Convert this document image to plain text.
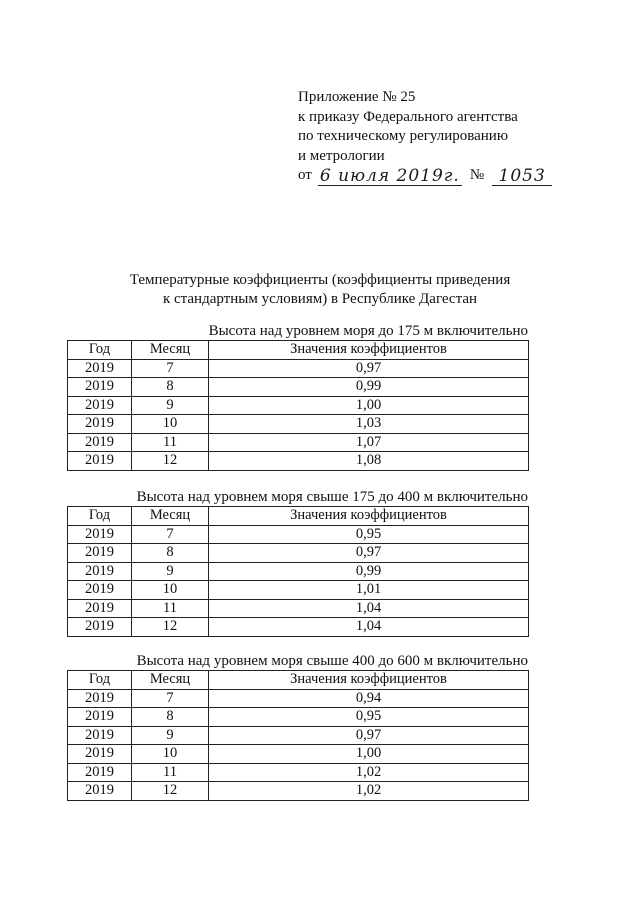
Приложение № 25
к приказу Федерального агентства
по техническому регулированию
и метрологии
от 6 июля 2019г. № 1053
Температурные коэффициенты (коэффициенты приведения
к стандартным условиям) в Республике Дагестан
Высота над уровнем моря до 175 м включительно
Год	Месяц	Значения коэффициентов
2019	7	0,97
2019	8	0,99
2019	9	1,00
2019	10	1,03
2019	11	1,07
2019	12	1,08
Высота над уровнем моря свыше 175 до 400 м включительно
Год	Месяц	Значения коэффициентов
2019	7	0,95
2019	8	0,97
2019	9	0,99
2019	10	1,01
2019	11	1,04
2019	12	1,04
Высота над уровнем моря свыше 400 до 600 м включительно
Год	Месяц	Значения коэффициентов
2019	7	0,94
2019	8	0,95
2019	9	0,97
2019	10	1,00
2019	11	1,02
2019	12	1,02
